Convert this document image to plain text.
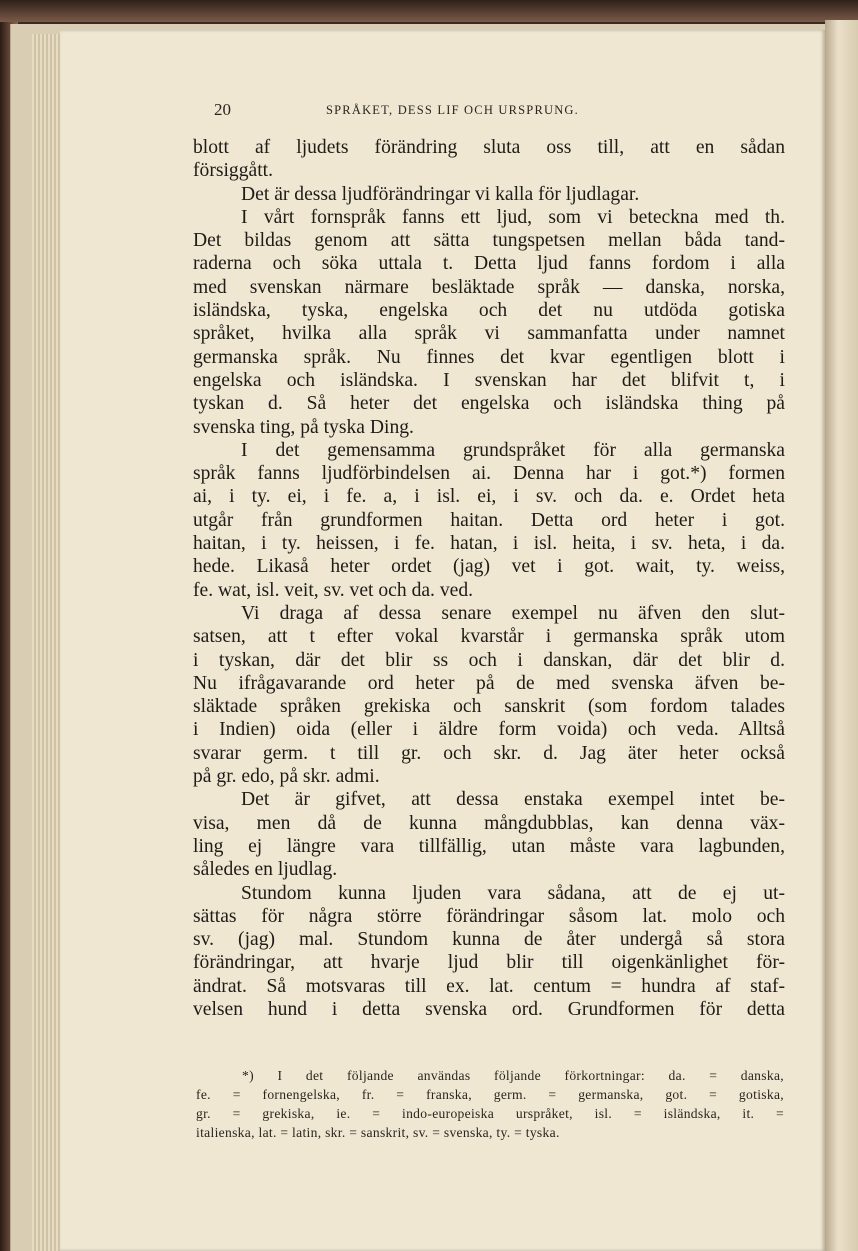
20	SPRÅKET, DESS LIF OCH URSPRUNG.
blott af ljudets förändring sluta oss till, att en sådan
försiggått.
Det är dessa ljudförändringar vi kalla för ljudlagar.
I vårt fornspråk fanns ett ljud, som vi beteckna med th.
Det bildas genom att sätta tungspetsen mellan båda tand-
raderna och söka uttala t. Detta ljud fanns fordom i alla
med svenskan närmare besläktade språk — danska, norska,
isländska, tyska, engelska och det nu utdöda gotiska
språket, hvilka alla språk vi sammanfatta under namnet
germanska språk. Nu finnes det kvar egentligen blott i
engelska och isländska. I svenskan har det blifvit t, i
tyskan d. Så heter det engelska och isländska thing på
svenska ting, på tyska Ding.
I det gemensamma grundspråket för alla germanska
språk fanns ljudförbindelsen ai. Denna har i got.*) formen
ai, i ty. ei, i fe. a, i isl. ei, i sv. och da. e. Ordet heta
utgår från grundformen haitan. Detta ord heter i got.
haitan, i ty. heissen, i fe. hatan, i isl. heita, i sv. heta, i da.
hede. Likaså heter ordet (jag) vet i got. wait, ty. weiss,
fe. wat, isl. veit, sv. vet och da. ved.
Vi draga af dessa senare exempel nu äfven den slut-
satsen, att t efter vokal kvarstår i germanska språk utom
i tyskan, där det blir ss och i danskan, där det blir d.
Nu ifrågavarande ord heter på de med svenska äfven be-
släktade språken grekiska och sanskrit (som fordom talades
i Indien) oida (eller i äldre form voida) och veda. Alltså
svarar germ. t till gr. och skr. d. Jag äter heter också
på gr. edo, på skr. admi.
Det är gifvet, att dessa enstaka exempel intet be-
visa, men då de kunna mångdubblas, kan denna väx-
ling ej längre vara tillfällig, utan måste vara lagbunden,
således en ljudlag.
Stundom kunna ljuden vara sådana, att de ej ut-
sättas för några större förändringar såsom lat. molo och
sv. (jag) mal. Stundom kunna de åter undergå så stora
förändringar, att hvarje ljud blir till oigenkänlighet för-
ändrat. Så motsvaras till ex. lat. centum = hundra af staf-
velsen hund i detta svenska ord. Grundformen för detta
*) I det följande användas följande förkortningar: da. = danska,
fe. = fornengelska, fr. = franska, germ. = germanska, got. = gotiska,
gr. = grekiska, ie. = indo-europeiska urspråket, isl. = isländska, it. =
italienska, lat. = latin, skr. = sanskrit, sv. = svenska, ty. = tyska.
